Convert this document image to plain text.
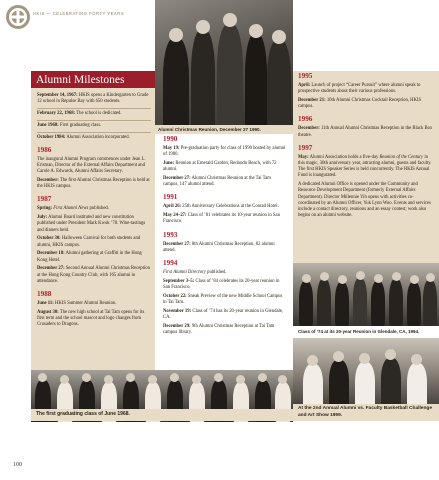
HKIS — CELEBRATING FORTY YEARS
Alumni Christmas Reunion, December 27 1990.
Alumni Milestones

September 14, 1967: HKIS opens a Kindergarten to Grade 12 school in Repulse Bay with 650 students.

February 22, 1968: The school is dedicated.

June 1968: First graduating class.

October 1984: Alumni Association incorporated.

1986

The inaugural Alumni Program commences under Jean L. Erisman, Director of the External Affairs Department and Carole A. Edwards, Alumni Affairs Secretary.

December: The first Alumni Christmas Reception is held at the HKIS campus.

1987

Spring: First Alumni News published.

July: Alumni Board instituted and new constitution published under President Mark Kwok ’78. Wine-tastings and dinners held.

October 30: Halloween Carnival for both students and alumni, HKIS campus.

December 18: Alumni gathering at Graffiti in the Hong Kong Hotel.

December 27: Second Annual Alumni Christmas Reception at the Hong Kong Country Club, with 165 alumni in attendance.

1988

June 11: HKIS Summer Alumni Reunion.

August 30: The new high school at Tai Tam opens for its first term and the school mascot and logo changes from Crusaders to Dragons.

1990

May 19: Pre-graduation party for class of 1990 hosted by alumni of 1980.

June: Reunion at Emerald Garden, Redondo Beach, with 72 alumni.

December 27: Alumni Christmas Reunion at the Tai Tam campus, 147 alumni attend.

1991

April 26: 25th Anniversary Celebrations at the Conrad Hotel.

May 24–27: Class of ’81 celebrates its 10-year reunion in San Francisco.

1993

December 27: 8th Alumni Christmas Reception, 82 alumni attend.

1994

First Alumni Directory published.

September 3–5: Class of ’84 celebrates its 20-year reunion in San Francisco.

October 22: Sneak Preview of the new Middle School Campus in Tai Tam.

November 19: Class of ’74 has its 20-year reunion in Glendale, CA.

December 29: 9th Alumni Christmas Reception at Tai Tam campus library.

1995

April: Launch of project “Career Pursuit” where alumni speak to prospective students about their various professions.

December 21: 10th Alumni Christmas Cocktail Reception, HKIS campus.

1996

December: 11th Annual Alumni Christmas Reception in the Black Box theatre.

1997

May: Alumni Association holds a five-day Reunion of the Century in this magic, 30th anniversary year, attracting alumni, guests and faculty. The first HKIS Speaker Series is held concurrently. The HKIS Annual Fund is inaugurated.

A dedicated Alumni Office is opened under the Community and Resource Development Department (formerly External Affairs Department). Director Millennie Yih opens with activities co-coordinated by an Alumni Officer, Yuk Lynn Woo. Events and services include a contact directory, reunions and an essay contest; work also begins on an alumni website.

Class of ’74 at its 20-year Reunion in Glendale, CA, 1994.
The first graduating class of June 1968.
At the 2nd Annual Alumni vs. Faculty Basketball Challenge and Art Show 1999.
100
